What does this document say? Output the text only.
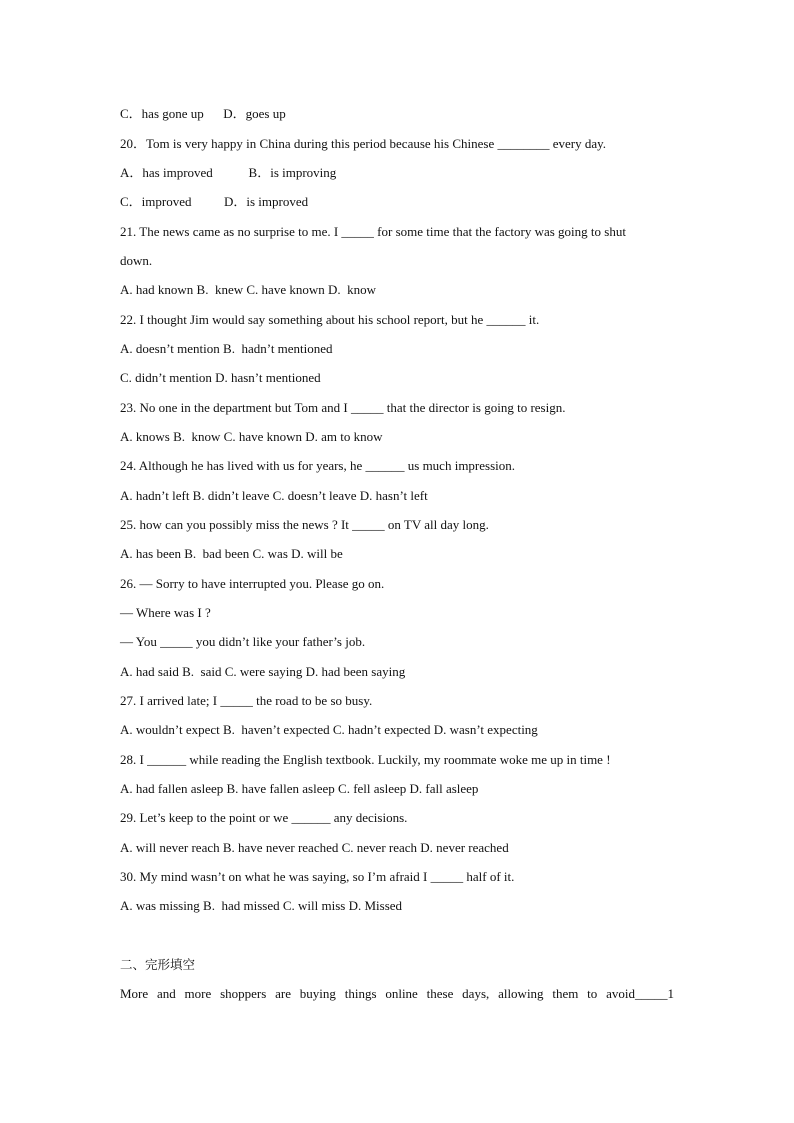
C．has gone up      D．goes up
20．Tom is very happy in China during this period because his Chinese ________ every day.
A．has improved           B．is improving
C．improved          D．is improved
21. The news came as no surprise to me. I _____ for some time that the factory was going to shut
down.
A. had known B.  knew C. have known D.  know
22. I thought Jim would say something about his school report, but he ______ it.
A. doesn’t mention B.  hadn’t mentioned
C. didn’t mention D. hasn’t mentioned
23. No one in the department but Tom and I _____ that the director is going to resign.
A. knows B.  know C. have known D. am to know
24. Although he has lived with us for years, he ______ us much impression.
A. hadn’t left B. didn’t leave C. doesn’t leave D. hasn’t left
25. how can you possibly miss the news ? It _____ on TV all day long.
A. has been B.  bad been C. was D. will be
26. — Sorry to have interrupted you. Please go on.
— Where was I ?
— You _____ you didn’t like your father’s job.
A. had said B.  said C. were saying D. had been saying
27. I arrived late; I _____ the road to be so busy.
A. wouldn’t expect B.  haven’t expected C. hadn’t expected D. wasn’t expecting
28. I ______ while reading the English textbook. Luckily, my roommate woke me up in time !
A. had fallen asleep B. have fallen asleep C. fell asleep D. fall asleep
29. Let’s keep to the point or we ______ any decisions.
A. will never reach B. have never reached C. never reach D. never reached
30. My mind wasn’t on what he was saying, so I’m afraid I _____ half of it.
A. was missing B.  had missed C. will miss D. Missed
二、完形填空
More and more shoppers are buying things online these days, allowing them to avoid_____1
